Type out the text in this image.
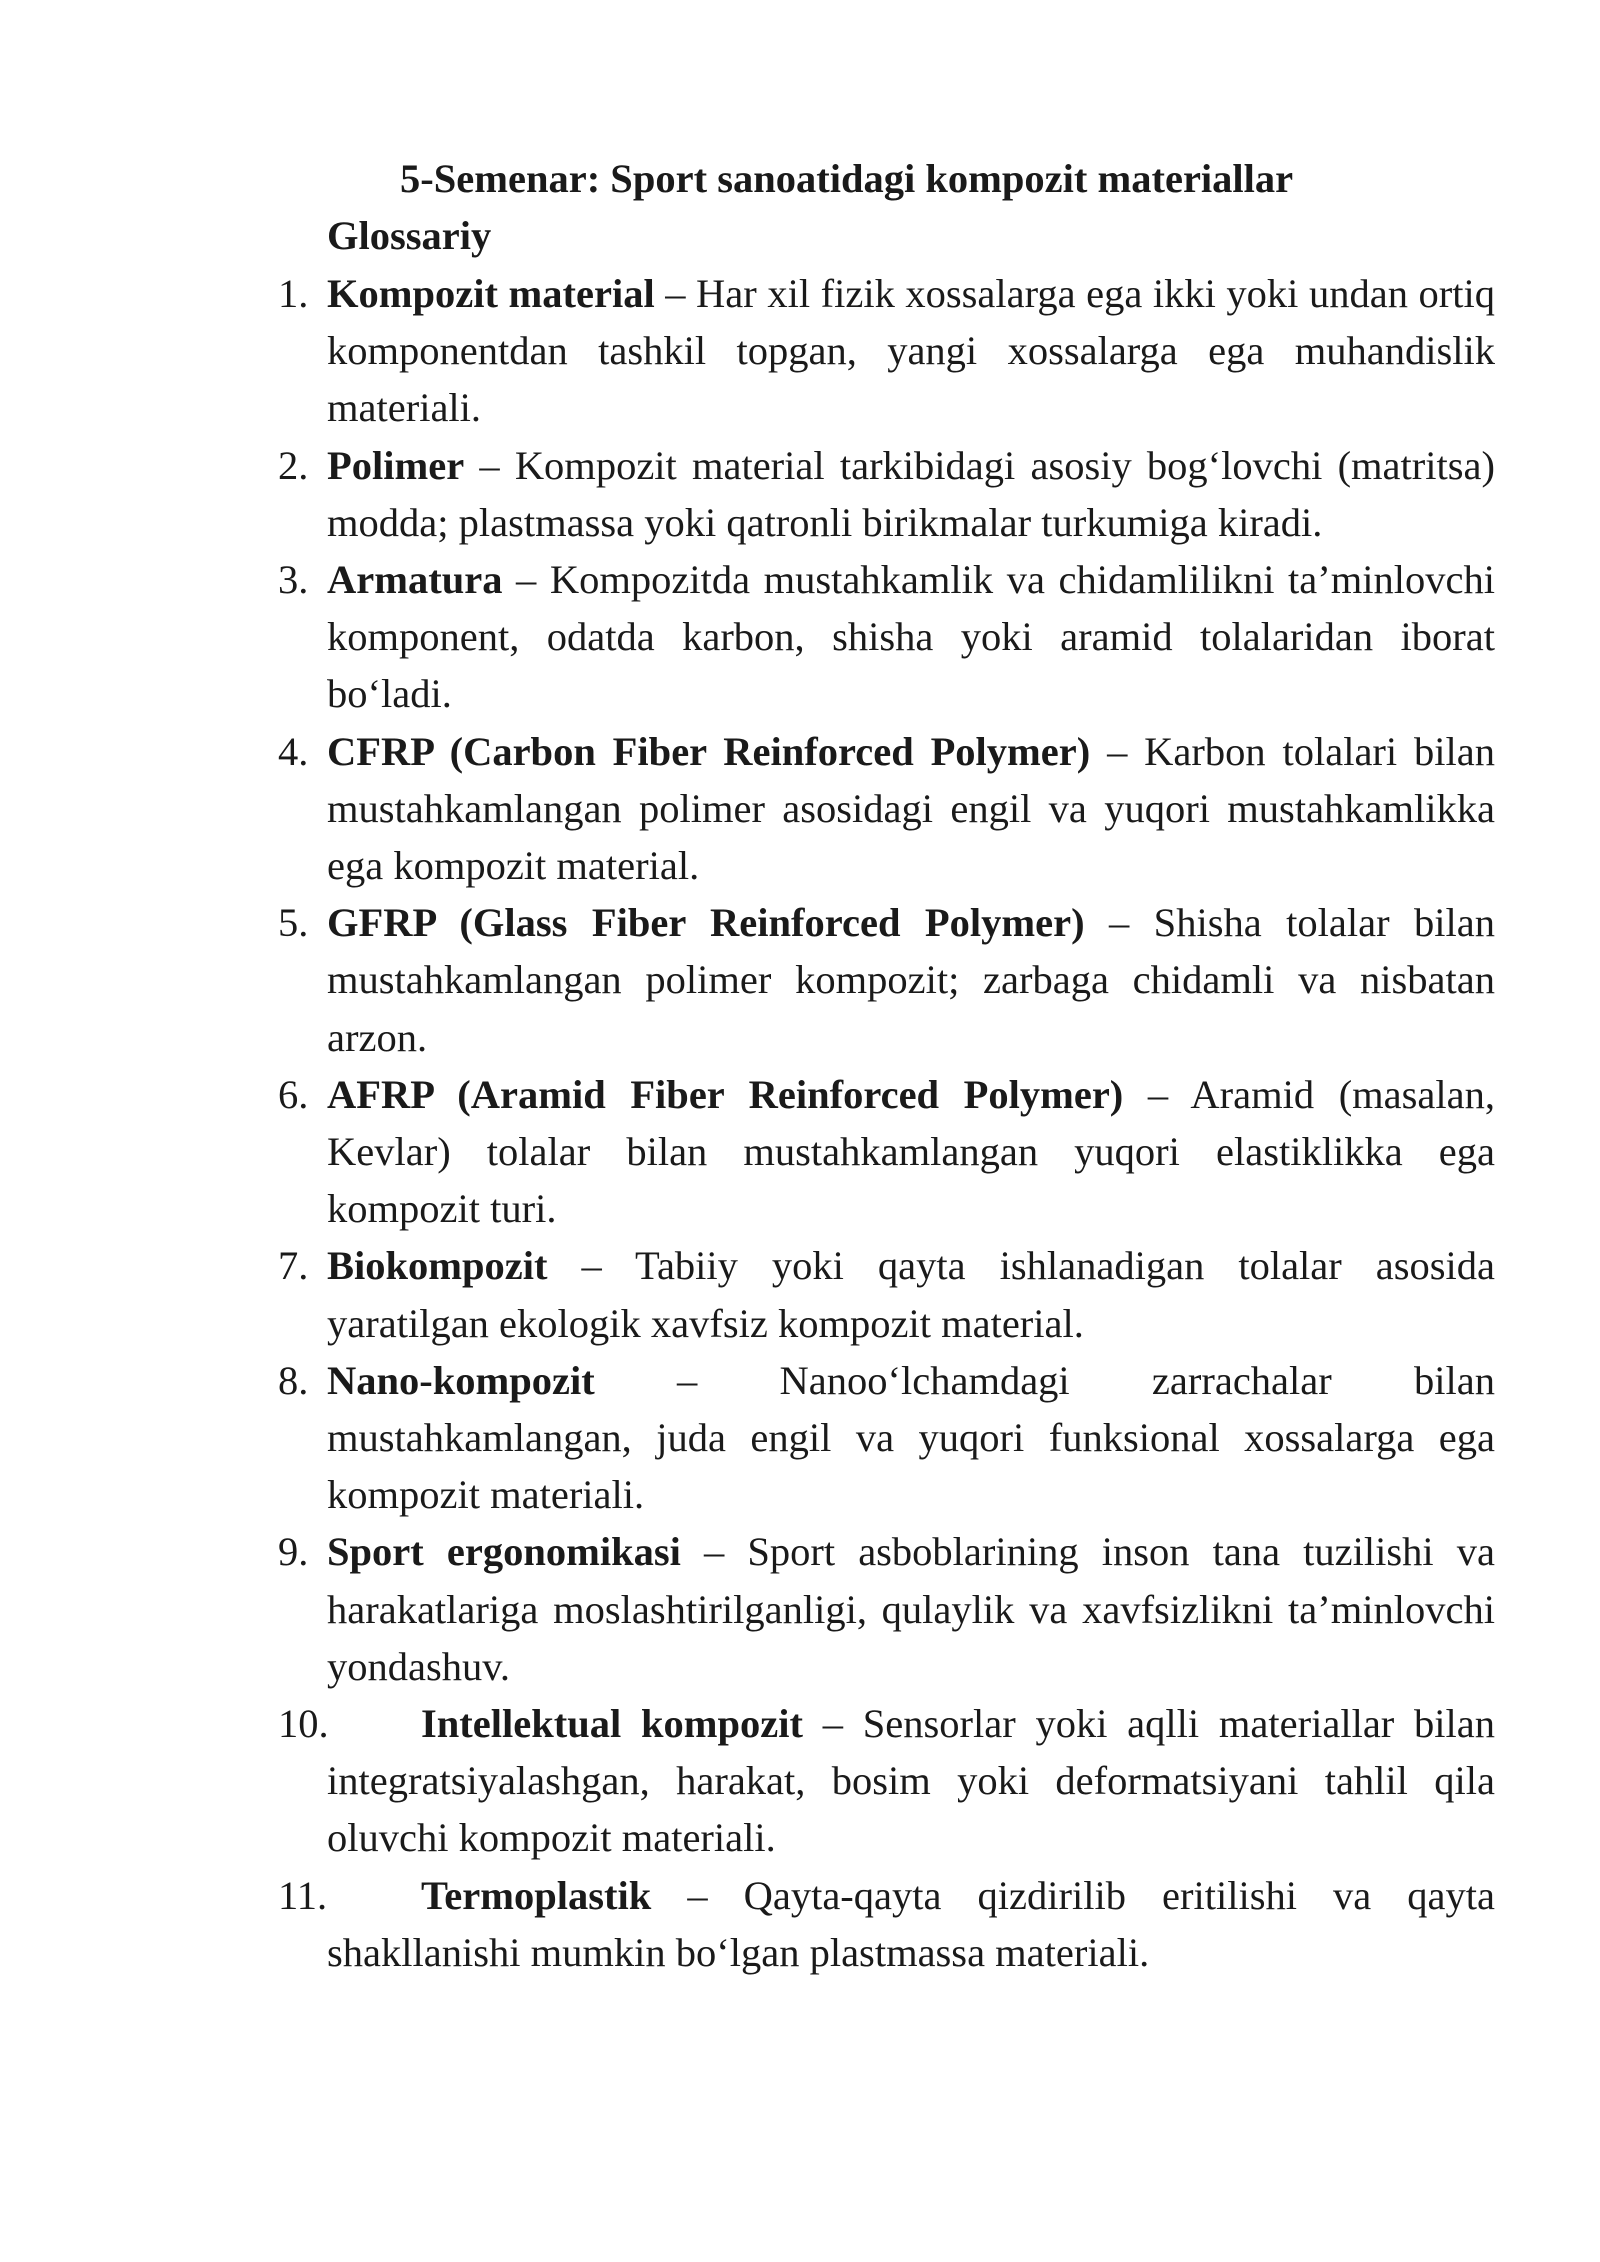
5-Semenar: Sport sanoatidagi kompozit materiallar
Glossariy
1. Kompozit material – Har xil fizik xossalarga ega ikki yoki undan ortiq komponentdan tashkil topgan, yangi xossalarga ega muhandislik materiali.
2. Polimer – Kompozit material tarkibidagi asosiy bog‘lovchi (matritsa) modda; plastmassa yoki qatronli birikmalar turkumiga kiradi.
3. Armatura – Kompozitda mustahkamlik va chidamlilikni ta’minlovchi komponent, odatda karbon, shisha yoki aramid tolalaridan iborat bo‘ladi.
4. CFRP (Carbon Fiber Reinforced Polymer) – Karbon tolalari bilan mustahkamlangan polimer asosidagi engil va yuqori mustahkamlikka ega kompozit material.
5. GFRP (Glass Fiber Reinforced Polymer) – Shisha tolalar bilan mustahkamlangan polimer kompozit; zarbaga chidamli va nisbatan arzon.
6. AFRP (Aramid Fiber Reinforced Polymer) – Aramid (masalan, Kevlar) tolalar bilan mustahkamlangan yuqori elastiklikka ega kompozit turi.
7. Biokompozit – Tabiiy yoki qayta ishlanadigan tolalar asosida yaratilgan ekologik xavfsiz kompozit material.
8. Nano-kompozit – Nanoo‘lchamdagi zarrachalar bilan mustahkamlangan, juda engil va yuqori funksional xossalarga ega kompozit materiali.
9. Sport ergonomikasi – Sport asboblarining inson tana tuzilishi va harakatlariga moslashtirilganligi, qulaylik va xavfsizlikni ta’minlovchi yondashuv.
10.	Intellektual kompozit – Sensorlar yoki aqlli materiallar bilan integratsiyalashgan, harakat, bosim yoki deformatsiyani tahlil qila oluvchi kompozit materiali.
11.	Termoplastik – Qayta-qayta qizdirilib eritilishi va qayta shakllanishi mumkin bo‘lgan plastmassa materiali.
